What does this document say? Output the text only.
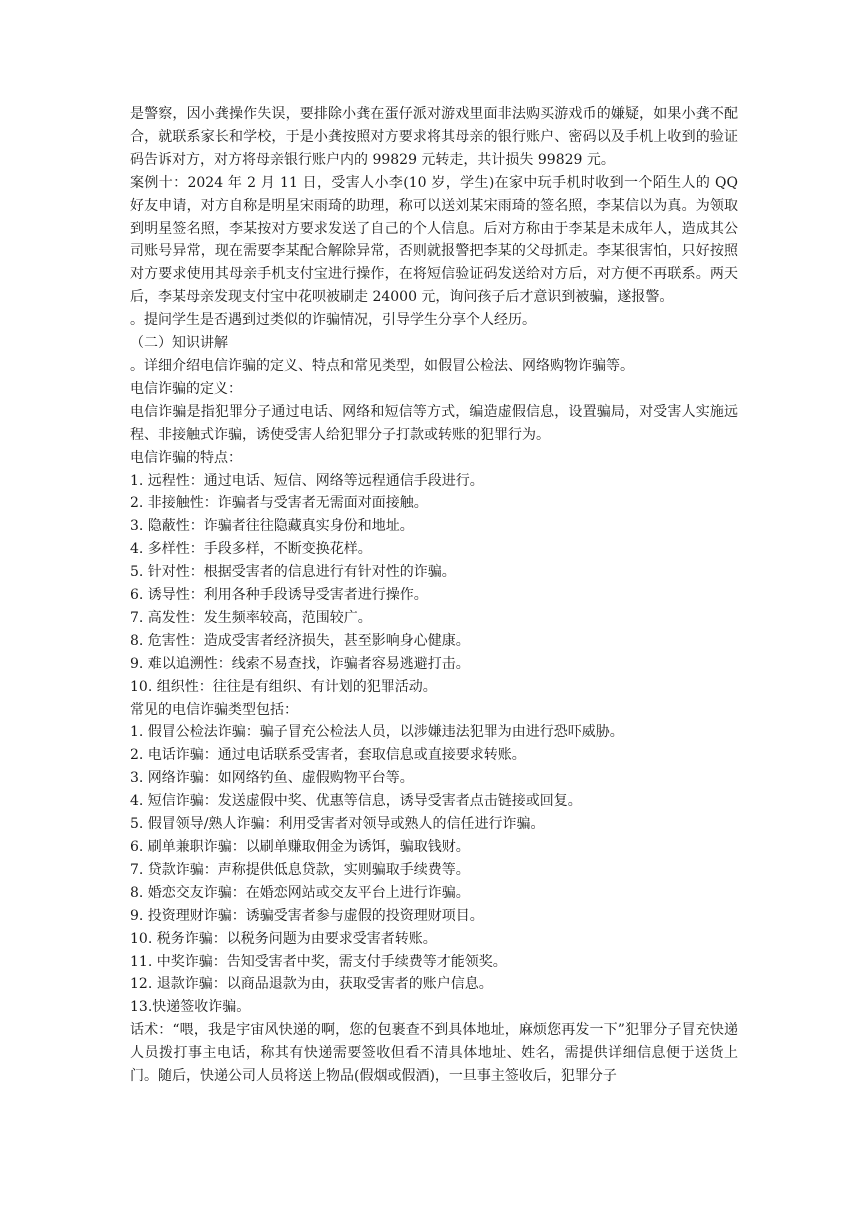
是警察，因小龚操作失误，要排除小龚在蛋仔派对游戏里面非法购买游戏币的嫌疑，如果小龚不配合，就联系家长和学校，于是小龚按照对方要求将其母亲的银行账户、密码以及手机上收到的验证码告诉对方，对方将母亲银行账户内的 99829 元转走，共计损失 99829 元。

案例十：2024 年 2 月 11 日，受害人小李(10 岁，学生)在家中玩手机时收到一个陌生人的 QQ 好友申请，对方自称是明星宋雨琦的助理，称可以送刘某宋雨琦的签名照，李某信以为真。为领取到明星签名照，李某按对方要求发送了自己的个人信息。后对方称由于李某是未成年人，造成其公司账号异常，现在需要李某配合解除异常，否则就报警把李某的父母抓走。李某很害怕，只好按照对方要求使用其母亲手机支付宝进行操作，在将短信验证码发送给对方后，对方便不再联系。两天后，李某母亲发现支付宝中花呗被刷走 24000 元，询问孩子后才意识到被骗，遂报警。

。提问学生是否遇到过类似的诈骗情况，引导学生分享个人经历。

（二）知识讲解

。详细介绍电信诈骗的定义、特点和常见类型，如假冒公检法、网络购物诈骗等。

电信诈骗的定义：

电信诈骗是指犯罪分子通过电话、网络和短信等方式，编造虚假信息，设置骗局，对受害人实施远程、非接触式诈骗，诱使受害人给犯罪分子打款或转账的犯罪行为。

电信诈骗的特点：

1. 远程性：通过电话、短信、网络等远程通信手段进行。

2. 非接触性：诈骗者与受害者无需面对面接触。

3. 隐蔽性：诈骗者往往隐藏真实身份和地址。

4. 多样性：手段多样，不断变换花样。

5. 针对性：根据受害者的信息进行有针对性的诈骗。

6. 诱导性：利用各种手段诱导受害者进行操作。

7. 高发性：发生频率较高，范围较广。

8. 危害性：造成受害者经济损失，甚至影响身心健康。

9. 难以追溯性：线索不易查找，诈骗者容易逃避打击。

10. 组织性：往往是有组织、有计划的犯罪活动。

常见的电信诈骗类型包括：

1. 假冒公检法诈骗：骗子冒充公检法人员，以涉嫌违法犯罪为由进行恐吓威胁。

2. 电话诈骗：通过电话联系受害者，套取信息或直接要求转账。

3. 网络诈骗：如网络钓鱼、虚假购物平台等。

4. 短信诈骗：发送虚假中奖、优惠等信息，诱导受害者点击链接或回复。

5. 假冒领导/熟人诈骗：利用受害者对领导或熟人的信任进行诈骗。

6. 刷单兼职诈骗：以刷单赚取佣金为诱饵，骗取钱财。

7. 贷款诈骗：声称提供低息贷款，实则骗取手续费等。

8. 婚恋交友诈骗：在婚恋网站或交友平台上进行诈骗。

9. 投资理财诈骗：诱骗受害者参与虚假的投资理财项目。

10. 税务诈骗：以税务问题为由要求受害者转账。

11. 中奖诈骗：告知受害者中奖，需支付手续费等才能领奖。

12. 退款诈骗：以商品退款为由，获取受害者的账户信息。

13.快递签收诈骗。

话术：“喂，我是宇宙风快递的啊，您的包裹查不到具体地址，麻烦您再发一下”犯罪分子冒充快递人员拨打事主电话，称其有快递需要签收但看不清具体地址、姓名，需提供详细信息便于送货上门。随后，快递公司人员将送上物品(假烟或假酒)，一旦事主签收后，犯罪分子
